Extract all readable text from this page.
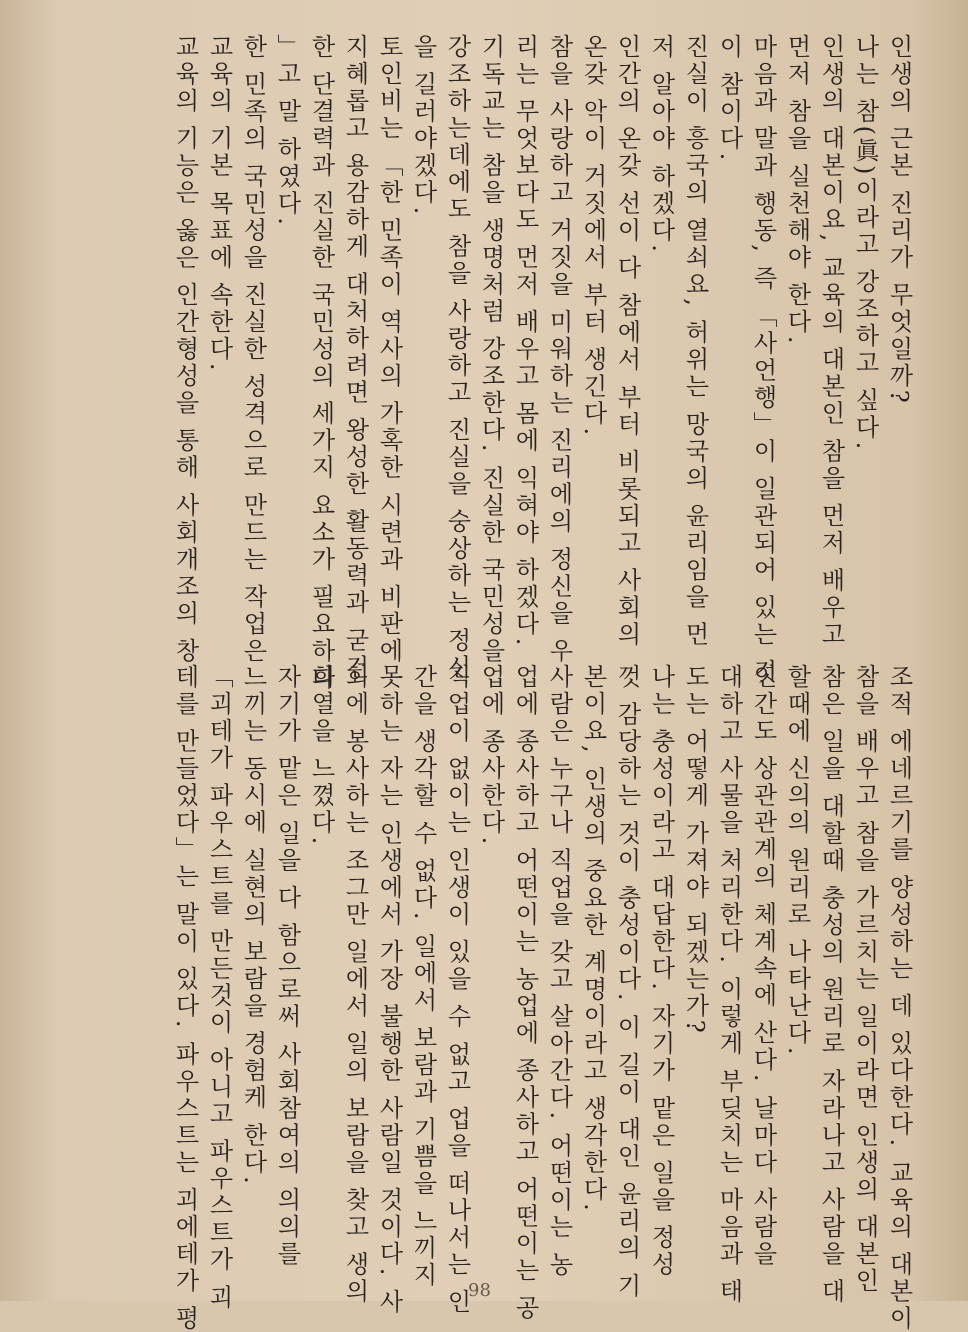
인생의 근본 진리가 무엇일까?
나는 참(眞)이라고 강조하고 싶다.
인생의 대본이요, 교육의 대본인 참을 먼저 배우고
먼저 참을 실천해야 한다.
마음과 말과 행동, 즉 「사언행」이 일관되어 있는 것
이 참이다.
진실이 흥국의 열쇠요, 허위는 망국의 윤리임을 먼
저 알아야 하겠다.
인간의 온갖 선이 다 참에서 부터 비롯되고 사회의
온갖 악이 거짓에서 부터 생긴다.
참을 사랑하고 거짓을 미워하는 진리에의 정신을 우
리는 무엇보다도 먼저 배우고 몸에 익혀야 하겠다.
기독교는 참을 생명처럼 강조한다. 진실한 국민성을
강조하는데에도 참을 사랑하고 진실을 숭상하는 정신
을 길러야겠다.
토인비는 「한 민족이 역사의 가혹한 시련과 비판에
지혜롭고 용감하게 대처하려면 왕성한 활동력과 굳건
한 단결력과 진실한 국민성의 세가지 요소가 필요하다
」고 말 하였다.
한 민족의 국민성을 진실한 성격으로 만드는 작업은
교육의 기본 목표에 속한다.
교육의 기능은 옳은 인간형성을 통해 사회개조의 창
조적 에네르기를 양성하는 데 있다한다. 교육의 대본이
참을 배우고 참을 가르치는 일이라면 인생의 대본인
참은 일을 대할때 충성의 원리로 자라나고 사람을 대
할때에 신의의 원리로 나타난다.
인간도 상관관계의 체계속에 산다. 날마다 사람을
대하고 사물을 처리한다. 이렇게 부딪치는 마음과 태
도는 어떻게 가져야 되겠는가?
나는 충성이라고 대답한다. 자기가 맡은 일을 정성
껏 감당하는 것이 충성이다. 이 길이 대인 윤리의 기
본이요, 인생의 중요한 계명이라고 생각한다.
사람은 누구나 직업을 갖고 살아간다. 어떤이는 농
업에 종사하고 어떤이는 농업에 종사하고 어떤이는 공
업에 종사한다.
직업이 없이는 인생이 있을 수 없고 업을 떠나서는 인
간을 생각할 수 없다. 일에서 보람과 기쁨을 느끼지
못하는 자는 인생에서 가장 불행한 사람일 것이다. 사
회에 봉사하는 조그만 일에서 일의 보람을 찾고 생의
희열을 느꼈다.
자기가 맡은 일을 다 함으로써 사회참여의 의의를
느끼는 동시에 실현의 보람을 경험케 한다.
「괴테가 파우스트를 만든것이 아니고 파우스트가 괴
테를 만들었다」는 말이 있다. 파우스트는 괴에테가 평	98
